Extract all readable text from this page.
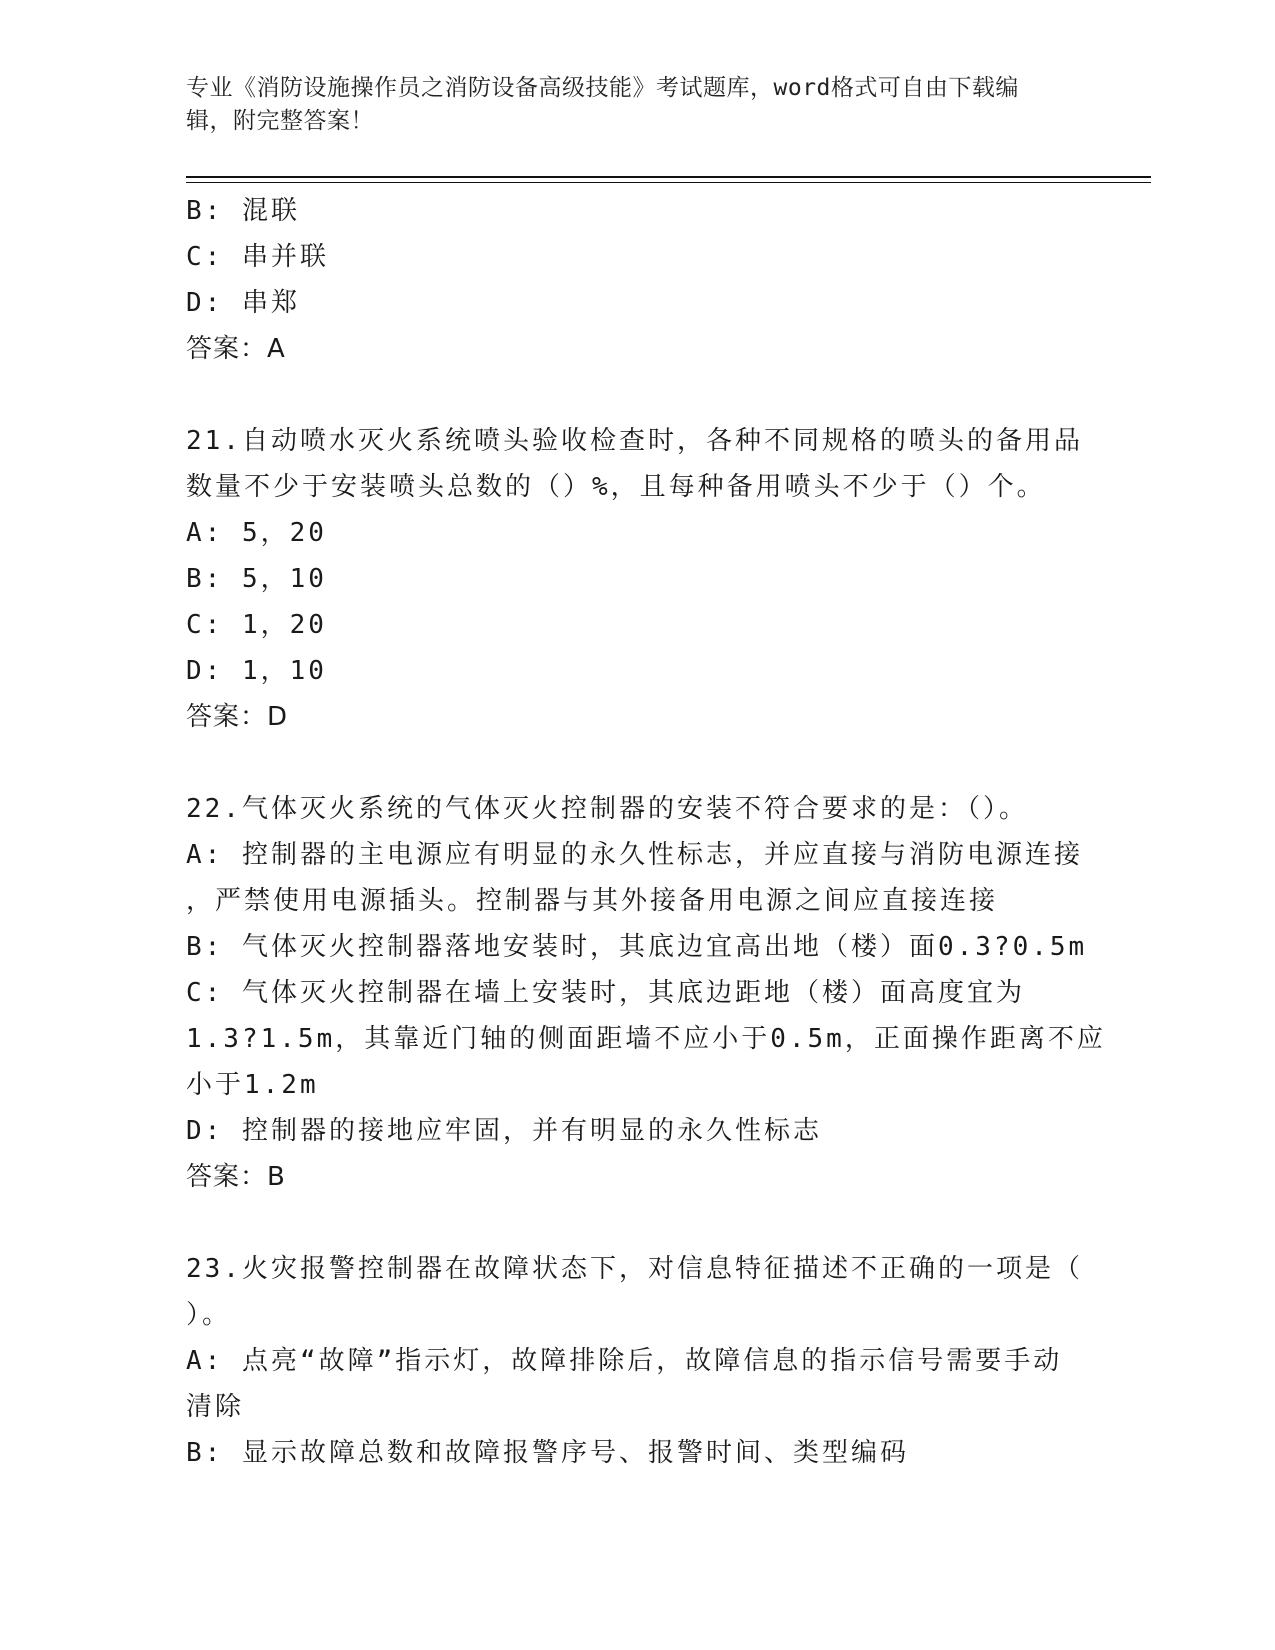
专业《消防设施操作员之消防设备高级技能》考试题库，word格式可自由下载编
辑，附完整答案！
B: 混联
C: 串并联
D: 串郑
答案：A
21.自动喷水灭火系统喷头验收检查时，各种不同规格的喷头的备用品
数量不少于安装喷头总数的（）%，且每种备用喷头不少于（）个。
A: 5，20
B: 5，10
C: 1，20
D: 1，10
答案：D
22.气体灭火系统的气体灭火控制器的安装不符合要求的是：（）。
A: 控制器的主电源应有明显的永久性标志，并应直接与消防电源连接
，严禁使用电源插头。控制器与其外接备用电源之间应直接连接
B: 气体灭火控制器落地安装时，其底边宜高出地（楼）面0.3?0.5m
C: 气体灭火控制器在墙上安装时，其底边距地（楼）面高度宜为
1.3?1.5m，其靠近门轴的侧面距墙不应小于0.5m，正面操作距离不应
小于1.2m
D: 控制器的接地应牢固，并有明显的永久性标志
答案：B
23.火灾报警控制器在故障状态下，对信息特征描述不正确的一项是（
）。
A: 点亮“故障”指示灯，故障排除后，故障信息的指示信号需要手动
清除
B: 显示故障总数和故障报警序号、报警时间、类型编码
